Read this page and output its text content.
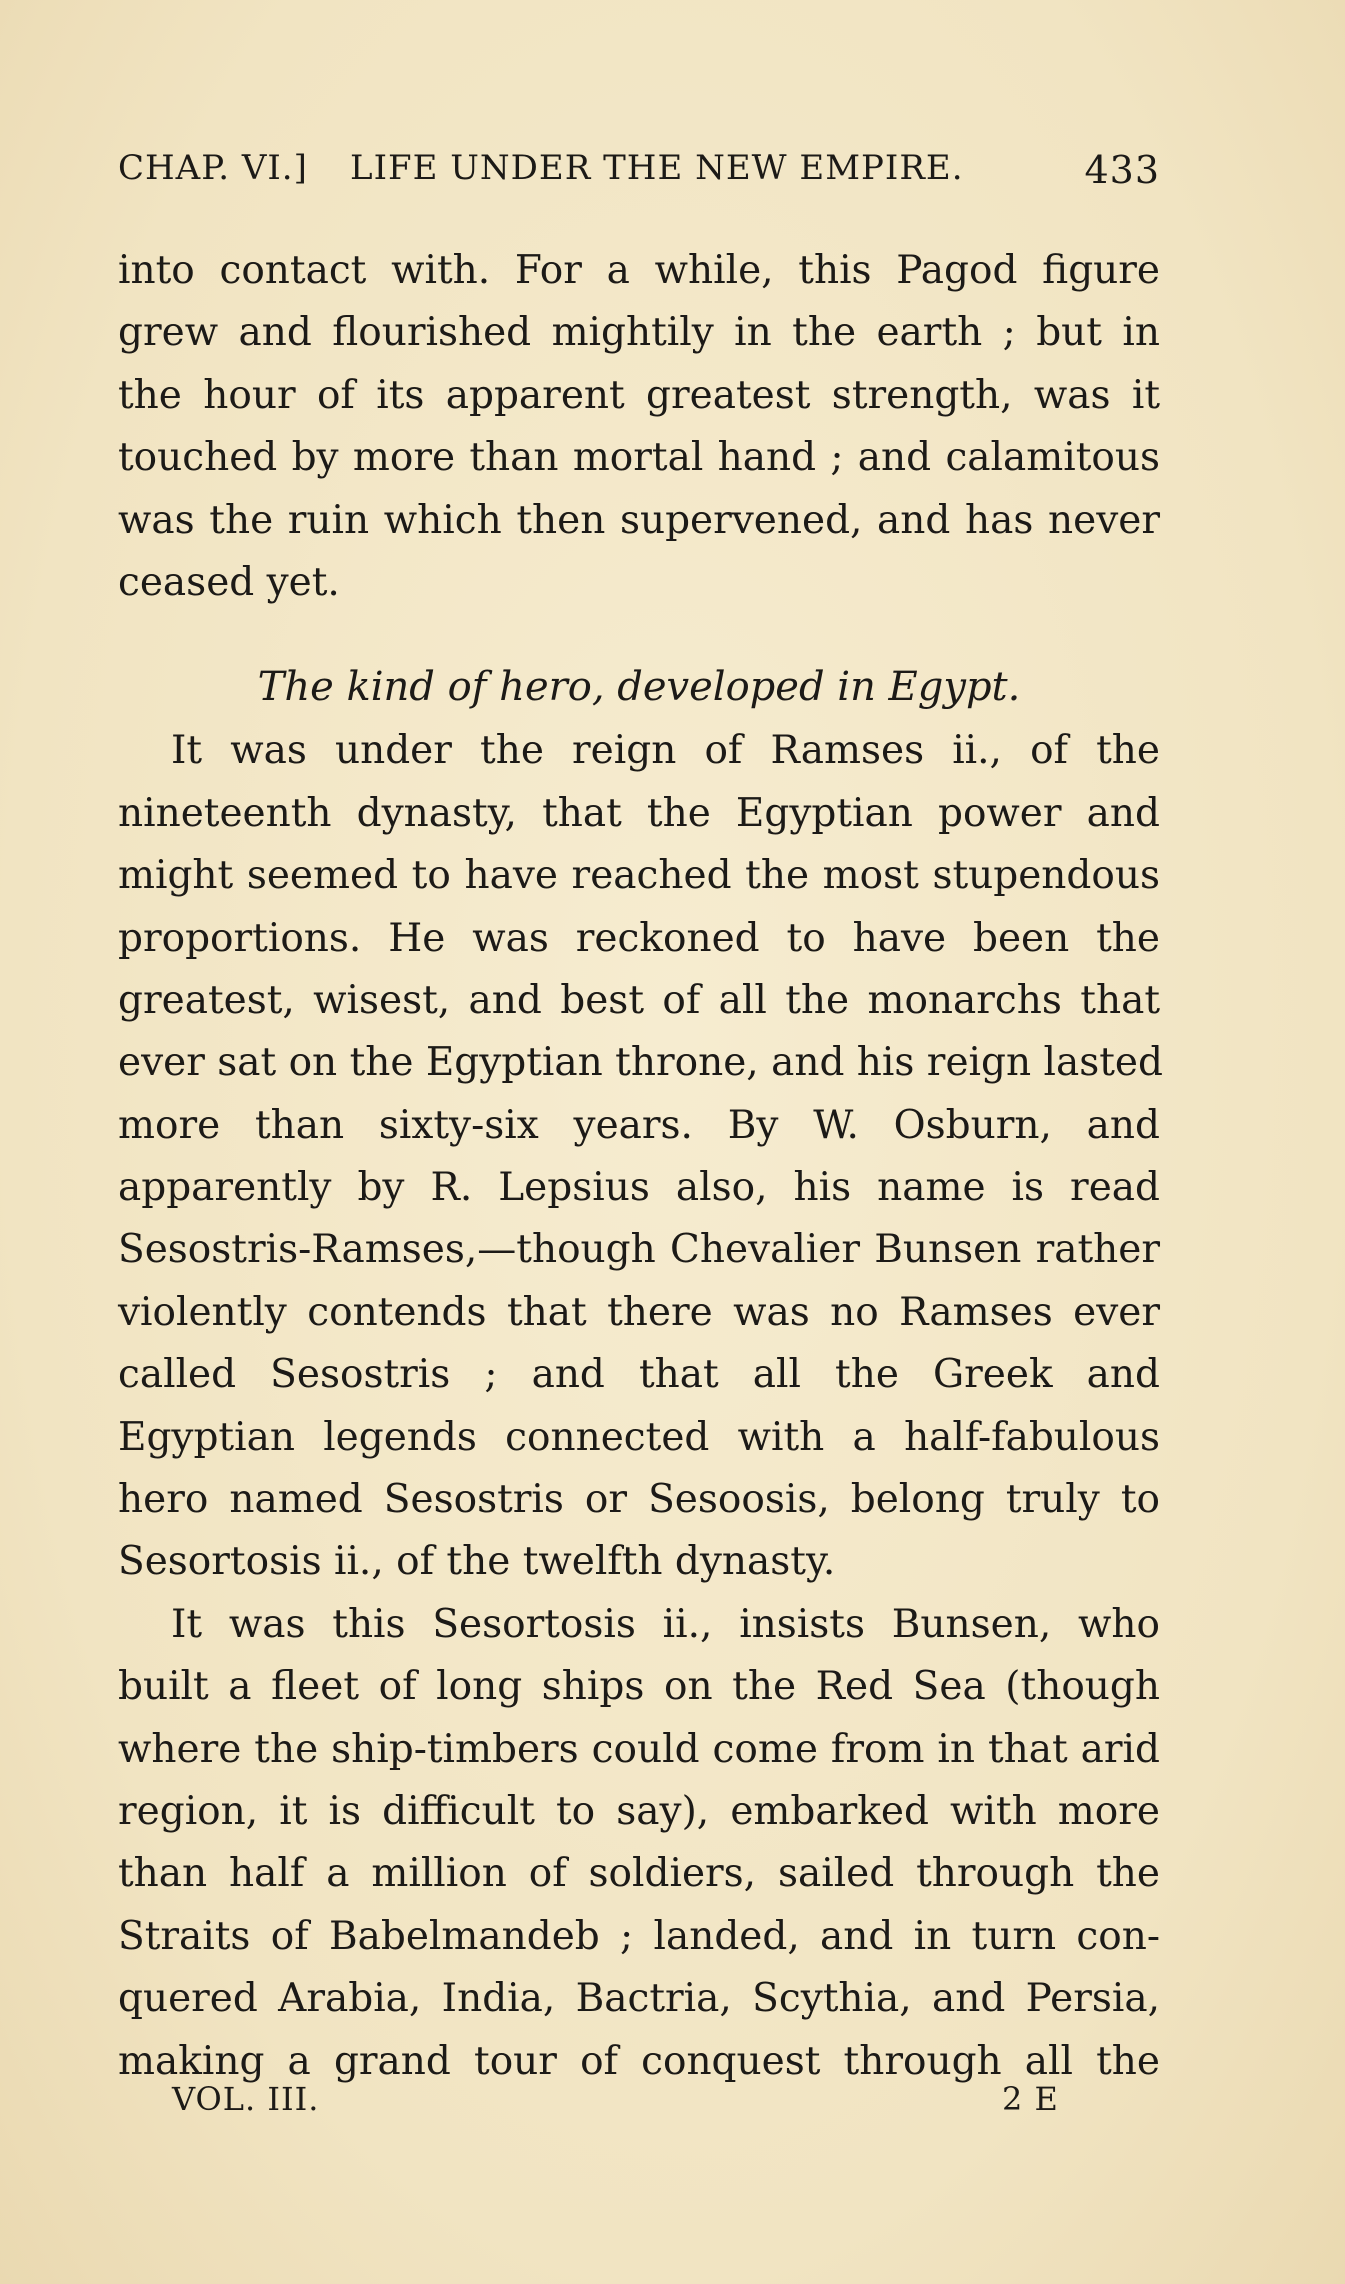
CHAP. VI.] LIFE UNDER THE NEW EMPIRE.	433
into contact with. For a while, this Pagod figure
grew and flourished mightily in the earth ; but in
the hour of its apparent greatest strength, was it
touched by more than mortal hand ; and calamitous
was the ruin which then supervened, and has never
ceased yet.
The kind of hero, developed in Egypt.
It was under the reign of Ramses ii., of the
nineteenth dynasty, that the Egyptian power and
might seemed to have reached the most stupendous
proportions. He was reckoned to have been the
greatest, wisest, and best of all the monarchs that
ever sat on the Egyptian throne, and his reign lasted
more than sixty-six years. By W. Osburn, and
apparently by R. Lepsius also, his name is read
Sesostris-Ramses,—though Chevalier Bunsen rather
violently contends that there was no Ramses ever
called Sesostris ; and that all the Greek and
Egyptian legends connected with a half-fabulous
hero named Sesostris or Sesoosis, belong truly to
Sesortosis ii., of the twelfth dynasty.
It was this Sesortosis ii., insists Bunsen, who
built a fleet of long ships on the Red Sea (though
where the ship-timbers could come from in that arid
region, it is difficult to say), embarked with more
than half a million of soldiers, sailed through the
Straits of Babelmandeb ; landed, and in turn con-
quered Arabia, India, Bactria, Scythia, and Persia,
making a grand tour of conquest through all the
VOL. III.	2 E
